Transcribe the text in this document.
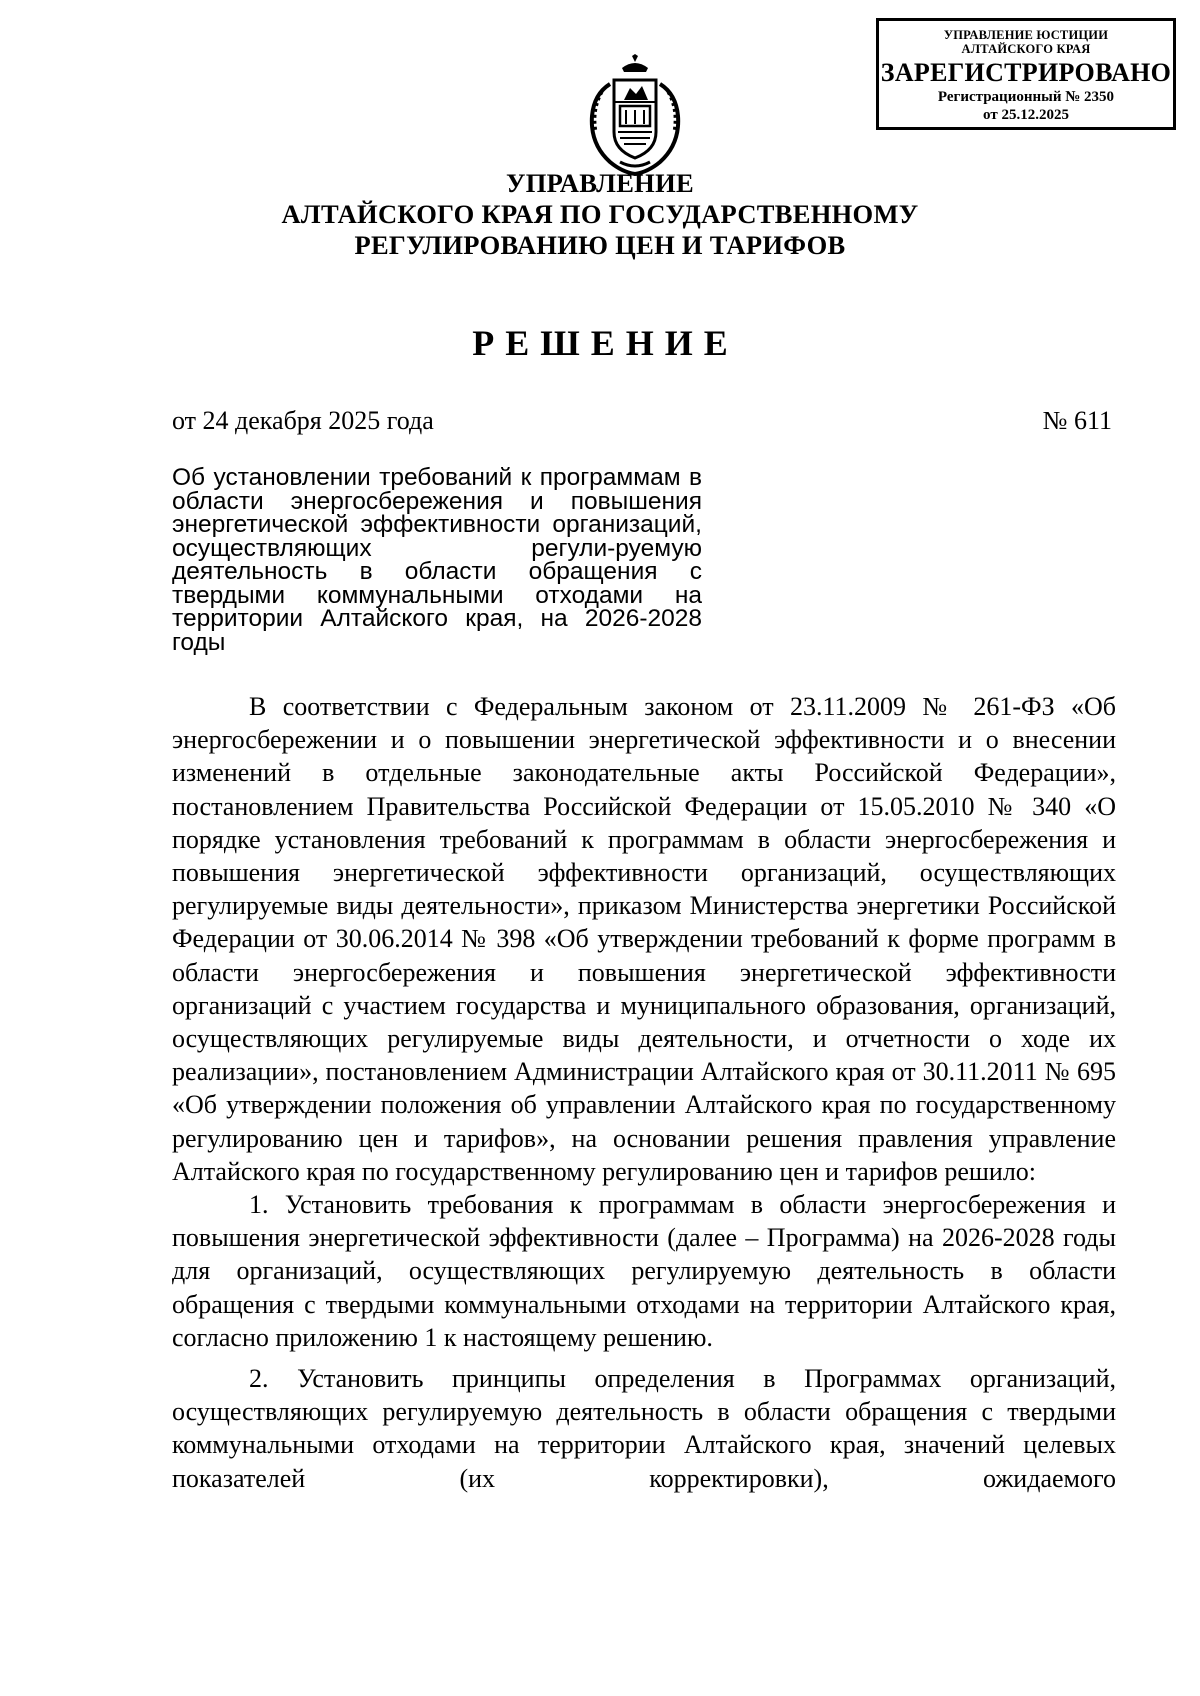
УПРАВЛЕНИЕ ЮСТИЦИИ
АЛТАЙСКОГО КРАЯ
ЗАРЕГИСТРИРОВАНО
Регистрационный № 2350
от 25.12.2025
УПРАВЛЕНИЕ
АЛТАЙСКОГО КРАЯ ПО ГОСУДАРСТВЕННОМУ
РЕГУЛИРОВАНИЮ ЦЕН И ТАРИФОВ
РЕШЕНИЕ
от 24 декабря 2025 года	№ 611
Об установлении требований к программам в области энергосбережения и повышения энергетической эффективности организаций, осуществляющих регули-руемую деятельность в области обращения с твердыми коммунальными отходами на территории Алтайского края, на 2026-2028 годы

В соответствии с Федеральным законом от 23.11.2009 № 261-ФЗ «Об энергосбережении и о повышении энергетической эффективности и о внесении изменений в отдельные законодательные акты Российской Федерации», постановлением Правительства Российской Федерации от 15.05.2010 № 340 «О порядке установления требований к программам в области энергосбережения и повышения энергетической эффективности организаций, осуществляющих регулируемые виды деятельности», приказом Министерства энергетики Российской Федерации от 30.06.2014 № 398 «Об утверждении требований к форме программ в области энергосбережения и повышения энергетической эффективности организаций с участием государства и муниципального образования, организаций, осуществляющих регулируемые виды деятельности, и отчетности о ходе их реализации», постановлением Администрации Алтайского края от 30.11.2011 № 695 «Об утверждении положения об управлении Алтайского края по государственному регулированию цен и тарифов», на основании решения правления управление Алтайского края по государственному регулированию цен и тарифов решило:

1. Установить требования к программам в области энергосбережения и повышения энергетической эффективности (далее – Программа) на 2026-2028 годы для организаций, осуществляющих регулируемую деятельность в области обращения с твердыми коммунальными отходами на территории Алтайского края, согласно приложению 1 к настоящему решению.

2. Установить принципы определения в Программах организаций, осуществляющих регулируемую деятельность в области обращения с твердыми коммунальными отходами на территории Алтайского края, значений целевых показателей (их корректировки), ожидаемого
